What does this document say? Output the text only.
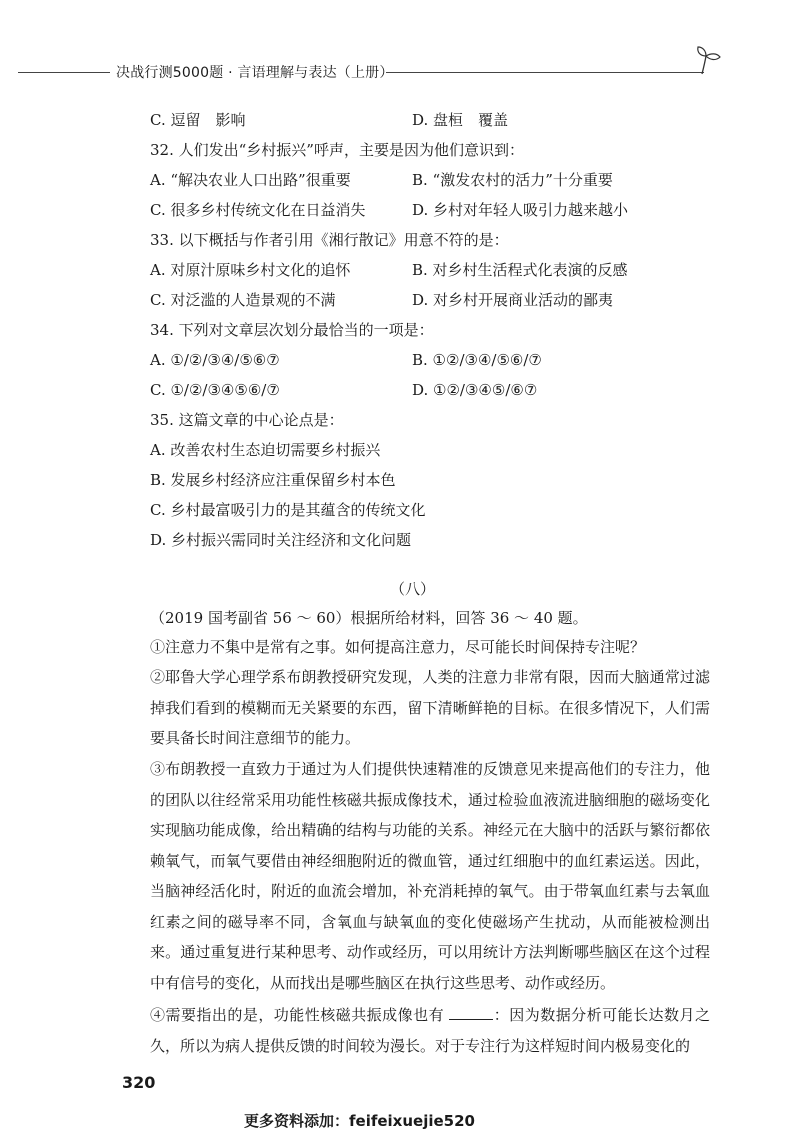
决战行测5000题 · 言语理解与表达（上册）
C. 逗留　影响	D. 盘桓　覆盖
32. 人们发出“乡村振兴”呼声，主要是因为他们意识到：
A. “解决农业人口出路”很重要	B. “激发农村的活力”十分重要
C. 很多乡村传统文化在日益消失	D. 乡村对年轻人吸引力越来越小
33. 以下概括与作者引用《湘行散记》用意不符的是：
A. 对原汁原味乡村文化的追怀	B. 对乡村生活程式化表演的反感
C. 对泛滥的人造景观的不满	D. 对乡村开展商业活动的鄙夷
34. 下列对文章层次划分最恰当的一项是：
A. ①/②/③④/⑤⑥⑦	B. ①②/③④/⑤⑥/⑦
C. ①/②/③④⑤⑥/⑦	D. ①②/③④⑤/⑥⑦
35. 这篇文章的中心论点是：
A. 改善农村生态迫切需要乡村振兴
B. 发展乡村经济应注重保留乡村本色
C. 乡村最富吸引力的是其蕴含的传统文化
D. 乡村振兴需同时关注经济和文化问题
（八）
（2019 国考副省 56 ～ 60）根据所给材料，回答 36 ～ 40 题。
①注意力不集中是常有之事。如何提高注意力，尽可能长时间保持专注呢？
②耶鲁大学心理学系布朗教授研究发现，人类的注意力非常有限，因而大脑通常过滤掉我们看到的模糊而无关紧要的东西，留下清晰鲜艳的目标。在很多情况下，人们需要具备长时间注意细节的能力。
③布朗教授一直致力于通过为人们提供快速精准的反馈意见来提高他们的专注力，他的团队以往经常采用功能性核磁共振成像技术，通过检验血液流进脑细胞的磁场变化实现脑功能成像，给出精确的结构与功能的关系。神经元在大脑中的活跃与繁衍都依赖氧气，而氧气要借由神经细胞附近的微血管，通过红细胞中的血红素运送。因此，当脑神经活化时，附近的血流会增加，补充消耗掉的氧气。由于带氧血红素与去氧血红素之间的磁导率不同，含氧血与缺氧血的变化使磁场产生扰动，从而能被检测出来。通过重复进行某种思考、动作或经历，可以用统计方法判断哪些脑区在这个过程中有信号的变化，从而找出是哪些脑区在执行这些思考、动作或经历。
④需要指出的是，功能性核磁共振成像也有	：因为数据分析可能长达数月之久，所以为病人提供反馈的时间较为漫长。对于专注行为这样短时间内极易变化的
320
更多资料添加：feifeixuejie520
